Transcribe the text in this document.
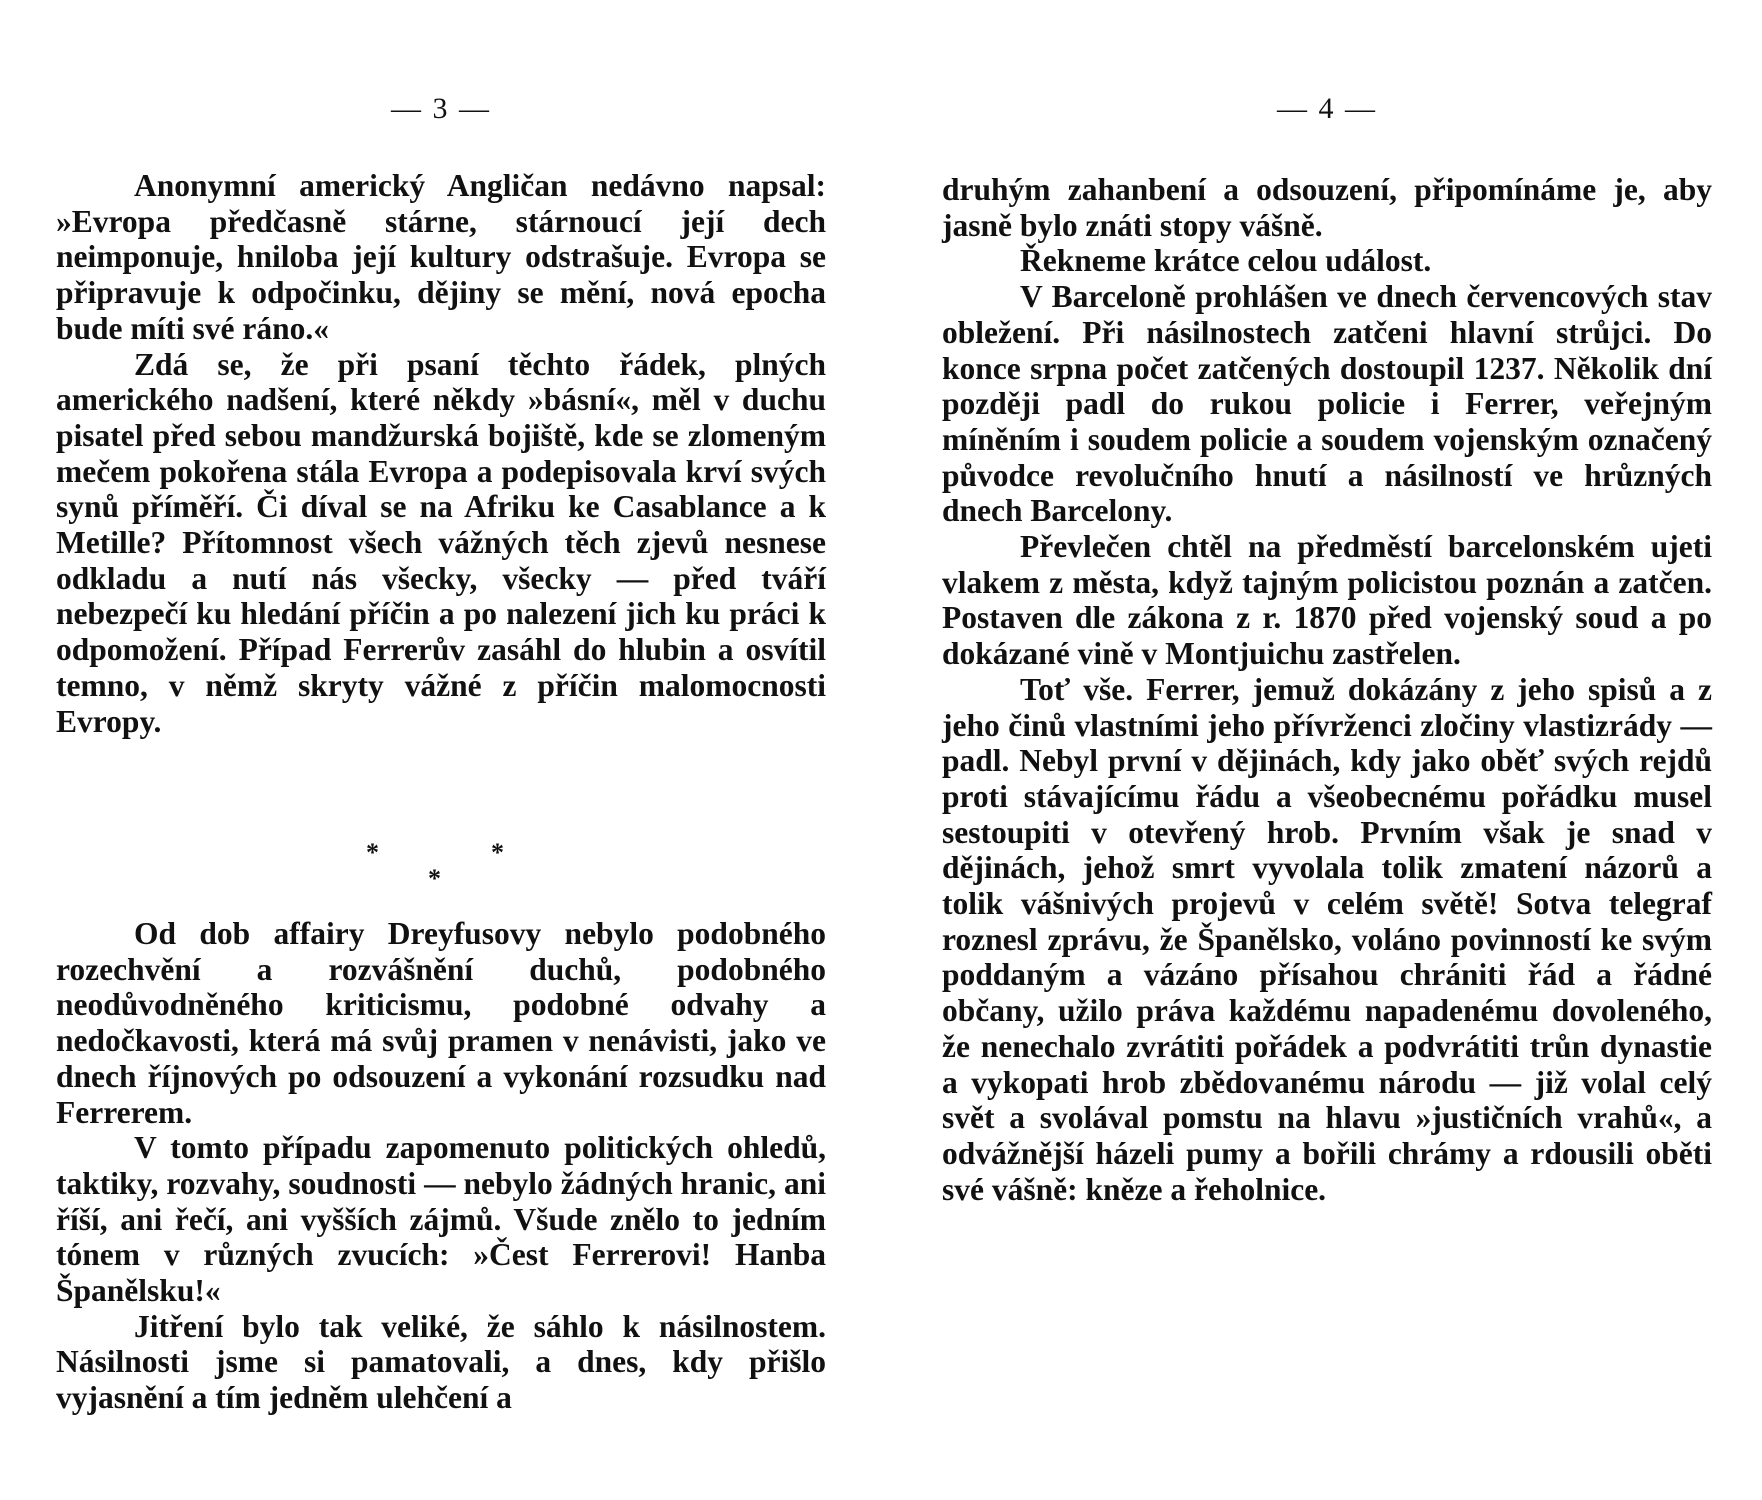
— 3 —

Anonymní americký Angličan nedávno napsal: »Evropa předčasně stárne, stárnoucí její dech neimponuje, hniloba její kultury odstrašuje. Evropa se připravuje k odpočinku, dějiny se mění, nová epocha bude míti své ráno.«

Zdá se, že při psaní těchto řádek, plných amerického nadšení, které někdy »básní«, měl v duchu pisatel před sebou mandžurská bojiště, kde se zlomeným mečem pokořena stála Evropa a podepisovala krví svých synů příměří. Či díval se na Afriku ke Casablance a k Metille? Přítomnost všech vážných těch zjevů nesnese odkladu a nutí nás všecky, všecky — před tváří nebezpečí ku hledání příčin a po nalezení jich ku práci k odpomožení. Případ Ferrerův zasáhl do hlubin a osvítil temno, v němž skryty vážné z příčin malomocnosti Evropy.

*	*
*

Od dob affairy Dreyfusovy nebylo podobného rozechvění a rozvášnění duchů, podobného neodůvodněného kriticismu, podobné odvahy a nedočkavosti, která má svůj pramen v nenávisti, jako ve dnech říjnových po odsouzení a vykonání rozsudku nad Ferrerem.

V tomto případu zapomenuto politických ohledů, taktiky, rozvahy, soudnosti — nebylo žádných hranic, ani říší, ani řečí, ani vyšších zájmů. Všude znělo to jedním tónem v různých zvucích: »Čest Ferrerovi! Hanba Španělsku!«

Jitření bylo tak veliké, že sáhlo k násilnostem. Násilnosti jsme si pamatovali, a dnes, kdy přišlo vyjasnění a tím jedněm ulehčení a

— 4 —

druhým zahanbení a odsouzení, připomínáme je, aby jasně bylo znáti stopy vášně.

Řekneme krátce celou událost.

V Barceloně prohlášen ve dnech červencových stav obležení. Při násilnostech zatčeni hlavní strůjci. Do konce srpna počet zatčených dostoupil 1237. Několik dní později padl do rukou policie i Ferrer, veřejným míněním i soudem policie a soudem vojenským označený původce revolučního hnutí a násilností ve hrůzných dnech Barcelony.

Převlečen chtěl na předměstí barcelonském ujeti vlakem z města, když tajným policistou poznán a zatčen. Postaven dle zákona z r. 1870 před vojenský soud a po dokázané vině v Montjuichu zastřelen.

Toť vše. Ferrer, jemuž dokázány z jeho spisů a z jeho činů vlastními jeho přívrženci zločiny vlastizrády — padl. Nebyl první v dějinách, kdy jako oběť svých rejdů proti stávajícímu řádu a všeobecnému pořádku musel sestoupiti v otevřený hrob. Prvním však je snad v dějinách, jehož smrt vyvolala tolik zmatení názorů a tolik vášnivých projevů v celém světě! Sotva telegraf roznesl zprávu, že Španělsko, voláno povinností ke svým poddaným a vázáno přísahou chrániti řád a řádné občany, užilo práva každému napadenému dovoleného, že nenechalo zvrátiti pořádek a podvrátiti trůn dynastie a vykopati hrob zbědovanému národu — již volal celý svět a svolával pomstu na hlavu »justičních vrahů«, a odvážnější házeli pumy a bořili chrámy a rdousili oběti své vášně: kněze a řeholnice.
